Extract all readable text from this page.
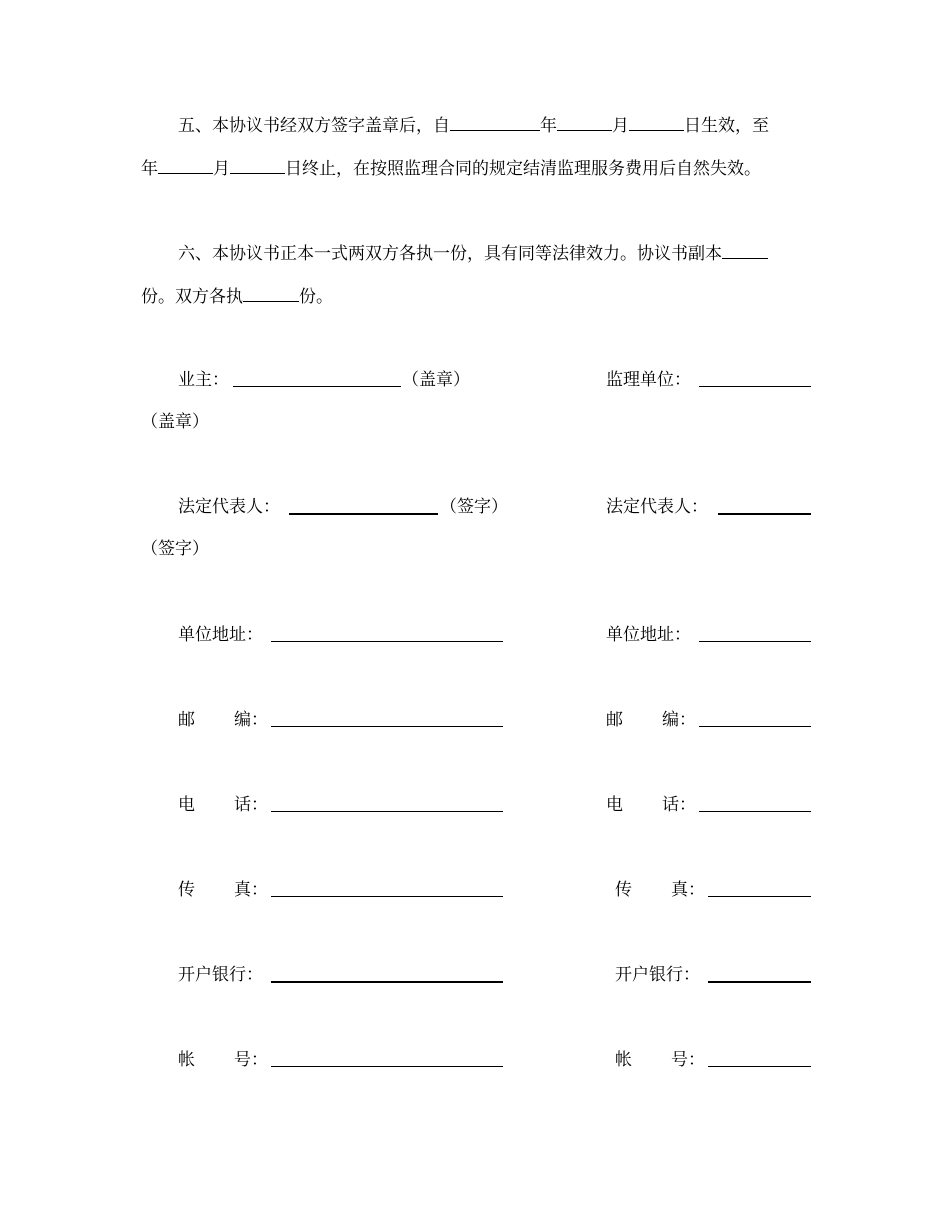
五、本协议书经双方签字盖章后，自	年	月	日生效，至
年	月	日终止，在按照监理合同的规定结清监理服务费用后自然失效。
六、本协议书正本一式两双方各执一份，具有同等法律效力。协议书副本
份。双方各执	份。
业主：	（盖章）	监理单位：
（盖章）
法定代表人：	（签字）	法定代表人：
（签字）
单位地址：	单位地址：
邮 编：	邮 编：
电 话：	电 话：
传 真：	传 真：
开户银行：	开户银行：
帐 号：	帐 号：
